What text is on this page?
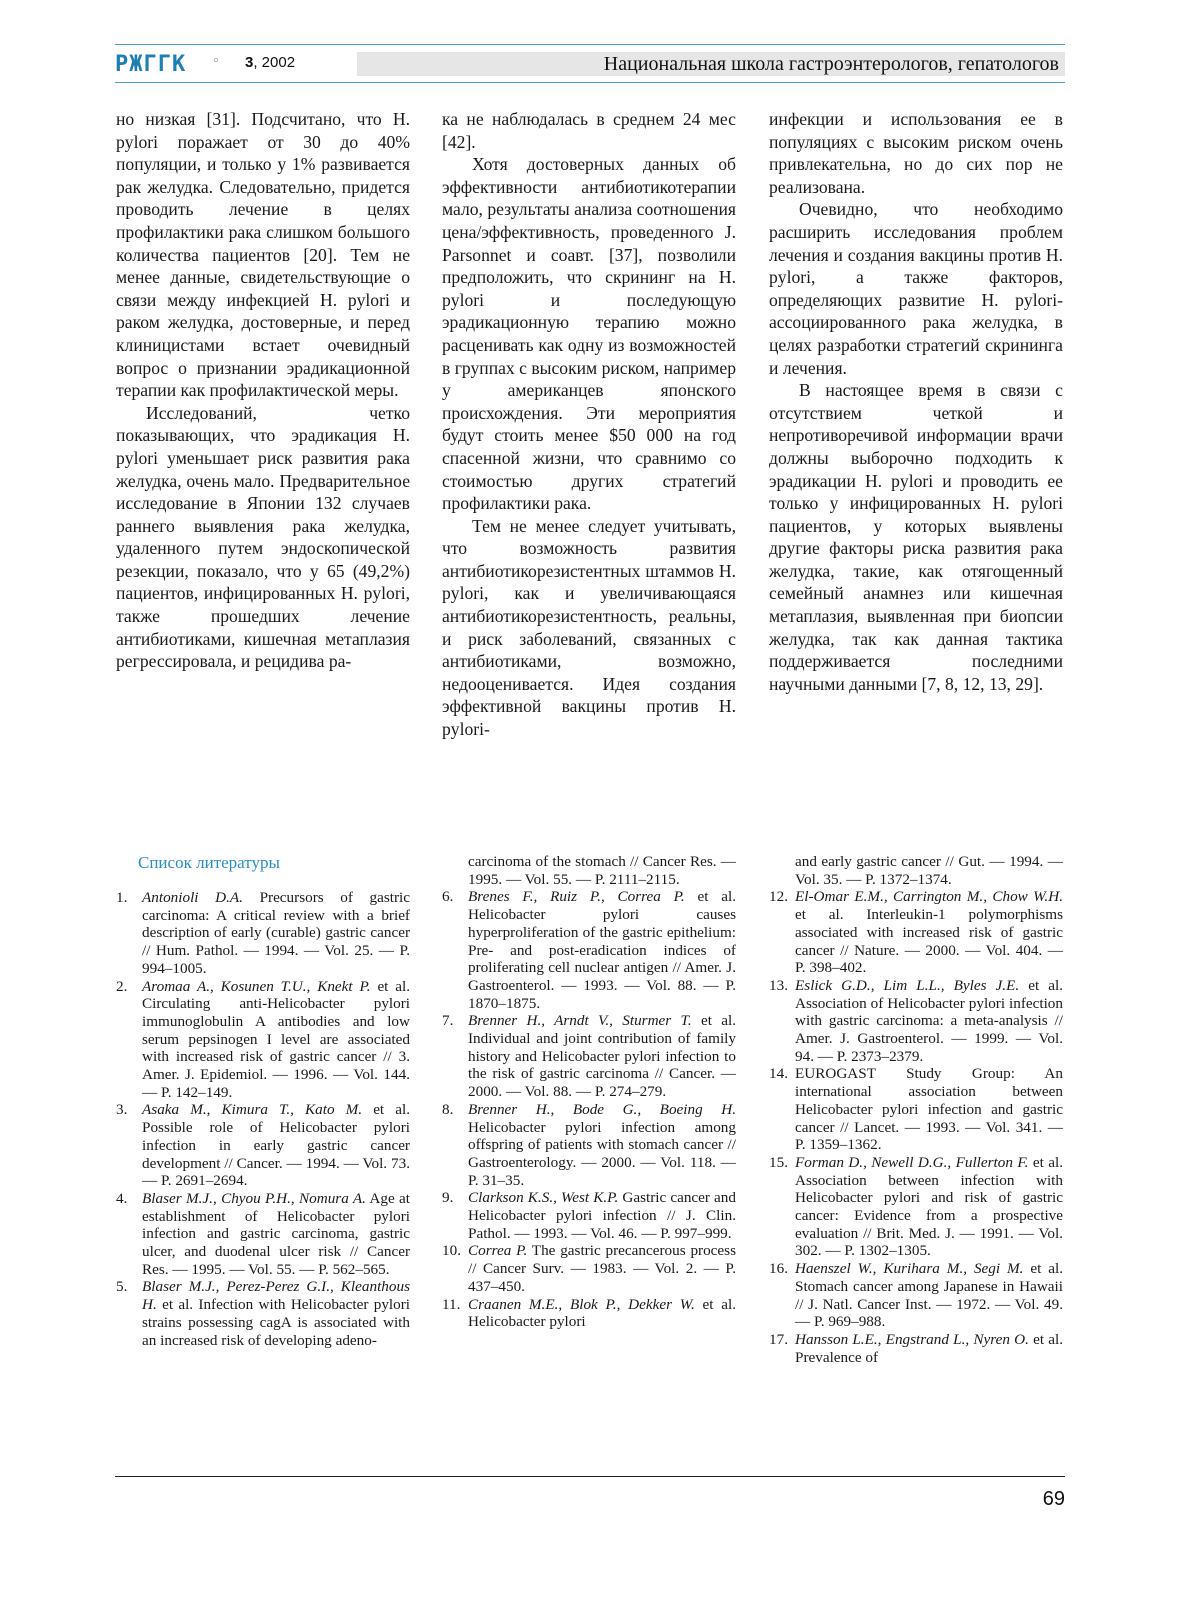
РЖГГК ◦ 3, 2002	Национальная школа гастроэнтерологов, гепатологов

но низкая [31]. Подсчитано, что H. pylori поражает от 30 до 40% популяции, и только у 1% развивается рак желудка. Следовательно, придется проводить лечение в целях профилактики рака слишком большого количества пациентов [20]. Тем не менее данные, свидетельствующие о связи между инфекцией H. pylori и раком желудка, достоверные, и перед клиницистами встает очевидный вопрос о признании эрадикационной терапии как профилактической меры.

Исследований, четко показывающих, что эрадикация H. pylori уменьшает риск развития рака желудка, очень мало. Предварительное исследование в Японии 132 случаев раннего выявления рака желудка, удаленного путем эндоскопической резекции, показало, что у 65 (49,2%) пациентов, инфицированных H. pylori, также прошедших лечение антибиотиками, кишечная метаплазия регрессировала, и рецидива ра-

ка не наблюдалась в среднем 24 мес [42].

Хотя достоверных данных об эффективности антибиотикотерапии мало, результаты анализа соотношения цена/эффективность, проведенного J. Parsonnet и соавт. [37], позволили предположить, что скрининг на H. pylori и последующую эрадикационную терапию можно расценивать как одну из возможностей в группах с высоким риском, например у американцев японского происхождения. Эти мероприятия будут стоить менее $50 000 на год спасенной жизни, что сравнимо со стоимостью других стратегий профилактики рака.

Тем не менее следует учитывать, что возможность развития антибиотикорезистентных штаммов H. pylori, как и увеличивающаяся антибиотикорезистентность, реальны, и риск заболеваний, связанных с антибиотиками, возможно, недооценивается. Идея создания эффективной вакцины против H. pylori-

инфекции и использования ее в популяциях с высоким риском очень привлекательна, но до сих пор не реализована.

Очевидно, что необходимо расширить исследования проблем лечения и создания вакцины против H. pylori, а также факторов, определяющих развитие H. pylori-ассоциированного рака желудка, в целях разработки стратегий скрининга и лечения.

В настоящее время в связи с отсутствием четкой и непротиворечивой информации врачи должны выборочно подходить к эрадикации H. pylori и проводить ее только у инфицированных H. pylori пациентов, у которых выявлены другие факторы риска развития рака желудка, такие, как отягощенный семейный анамнез или кишечная метаплазия, выявленная при биопсии желудка, так как данная тактика поддерживается последними научными данными [7, 8, 12, 13, 29].

Список литературы
1. Antonioli D.A. Precursors of gastric carcinoma: A critical review with a brief description of early (curable) gastric cancer // Hum. Pathol. — 1994. — Vol. 25. — P. 994–1005.
2. Aromaa A., Kosunen T.U., Knekt P. et al. Circulating anti-Helicobacter pylori immunoglobulin A antibodies and low serum pepsinogen I level are associated with increased risk of gastric cancer // 3. Amer. J. Epidemiol. — 1996. — Vol. 144. — P. 142–149.
3. Asaka M., Kimura T., Kato M. et al. Possible role of Helicobacter pylori infection in early gastric cancer development // Cancer. — 1994. — Vol. 73. — P. 2691–2694.
4. Blaser M.J., Chyou P.H., Nomura A. Age at establishment of Helicobacter pylori infection and gastric carcinoma, gastric ulcer, and duodenal ulcer risk // Cancer Res. — 1995. — Vol. 55. — P. 562–565.
5. Blaser M.J., Perez-Perez G.I., Kleanthous H. et al. Infection with Helicobacter pylori strains possessing cagA is associated with an increased risk of developing adeno-
carcinoma of the stomach // Cancer Res. — 1995. — Vol. 55. — P. 2111–2115.
6. Brenes F., Ruiz P., Correa P. et al. Helicobacter pylori causes hyperproliferation of the gastric epithelium: Pre- and post-eradication indices of proliferating cell nuclear antigen // Amer. J. Gastroenterol. — 1993. — Vol. 88. — P. 1870–1875.
7. Brenner H., Arndt V., Sturmer T. et al. Individual and joint contribution of family history and Helicobacter pylori infection to the risk of gastric carcinoma // Cancer. — 2000. — Vol. 88. — P. 274–279.
8. Brenner H., Bode G., Boeing H. Helicobacter pylori infection among offspring of patients with stomach cancer // Gastroenterology. — 2000. — Vol. 118. — P. 31–35.
9. Clarkson K.S., West K.P. Gastric cancer and Helicobacter pylori infection // J. Clin. Pathol. — 1993. — Vol. 46. — P. 997–999.
10. Correa P. The gastric precancerous process // Cancer Surv. — 1983. — Vol. 2. — P. 437–450.
11. Craanen M.E., Blok P., Dekker W. et al. Helicobacter pylori
and early gastric cancer // Gut. — 1994. — Vol. 35. — P. 1372–1374.
12. El-Omar E.M., Carrington M., Chow W.H. et al. Interleukin-1 polymorphisms associated with increased risk of gastric cancer // Nature. — 2000. — Vol. 404. — P. 398–402.
13. Eslick G.D., Lim L.L., Byles J.E. et al. Association of Helicobacter pylori infection with gastric carcinoma: a meta-analysis // Amer. J. Gastroenterol. — 1999. — Vol. 94. — P. 2373–2379.
14. EUROGAST Study Group: An international association between Helicobacter pylori infection and gastric cancer // Lancet. — 1993. — Vol. 341. — P. 1359–1362.
15. Forman D., Newell D.G., Fullerton F. et al. Association between infection with Helicobacter pylori and risk of gastric cancer: Evidence from a prospective evaluation // Brit. Med. J. — 1991. — Vol. 302. — P. 1302–1305.
16. Haenszel W., Kurihara M., Segi M. et al. Stomach cancer among Japanese in Hawaii // J. Natl. Cancer Inst. — 1972. — Vol. 49. — P. 969–988.
17. Hansson L.E., Engstrand L., Nyren O. et al. Prevalence of
69
